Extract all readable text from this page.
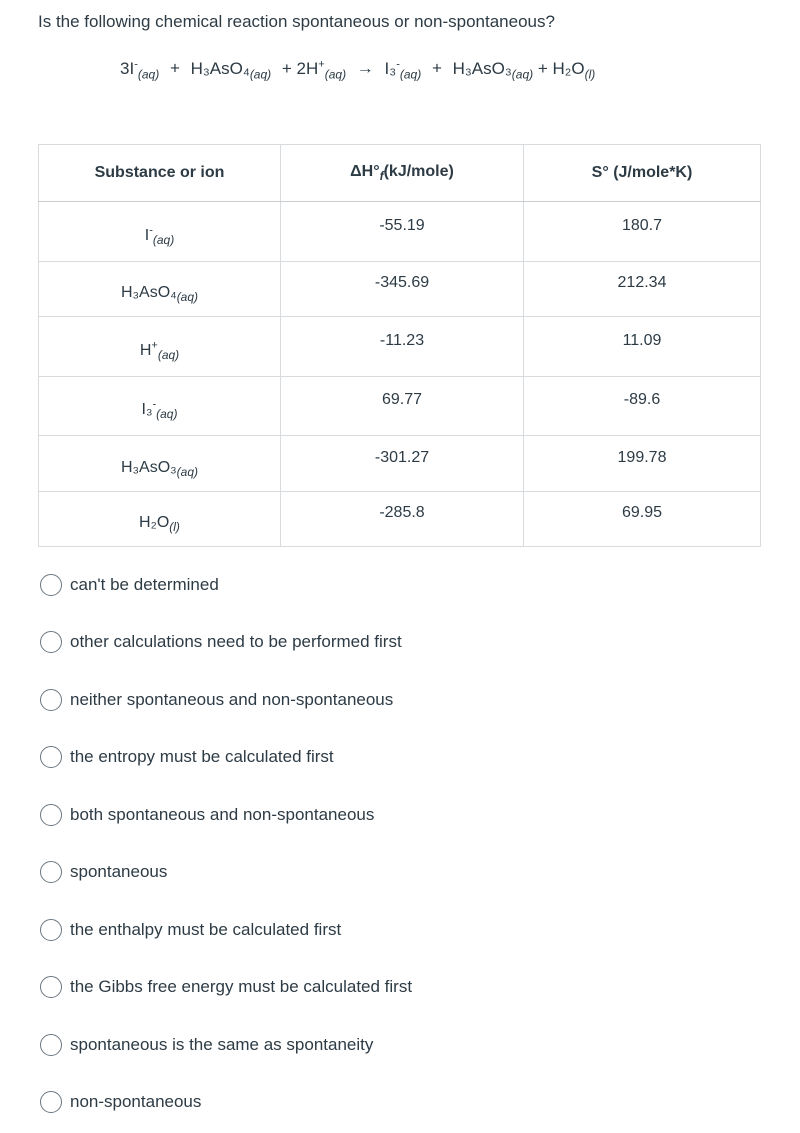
Is the following chemical reaction spontaneous or non-spontaneous?

$3I^-_{(aq)} + H_3AsO_4_{(aq)} + 2H^+_{(aq)} \to I_3^-_{(aq)} + H_3AsO_3_{(aq)} + H_2O_{(l)}$
Substance or ion	$\Delta H^\circ_f(kJ/mole)$	S° (J/mole*K)
$I^-_{(aq)}$	-55.19	180.7
$H_3AsO_4_{(aq)}$	-345.69	212.34
$H^+_{(aq)}$	-11.23	11.09
$I_3^-_{(aq)}$	69.77	-89.6
$H_3AsO_3_{(aq)}$	-301.27	199.78
$H_2O_{(l)}$	-285.8	69.95
can't be determined
other calculations need to be performed first
neither spontaneous and non-spontaneous
the entropy must be calculated first
both spontaneous and non-spontaneous
spontaneous
the enthalpy must be calculated first
the Gibbs free energy must be calculated first
spontaneous is the same as spontaneity
non-spontaneous
